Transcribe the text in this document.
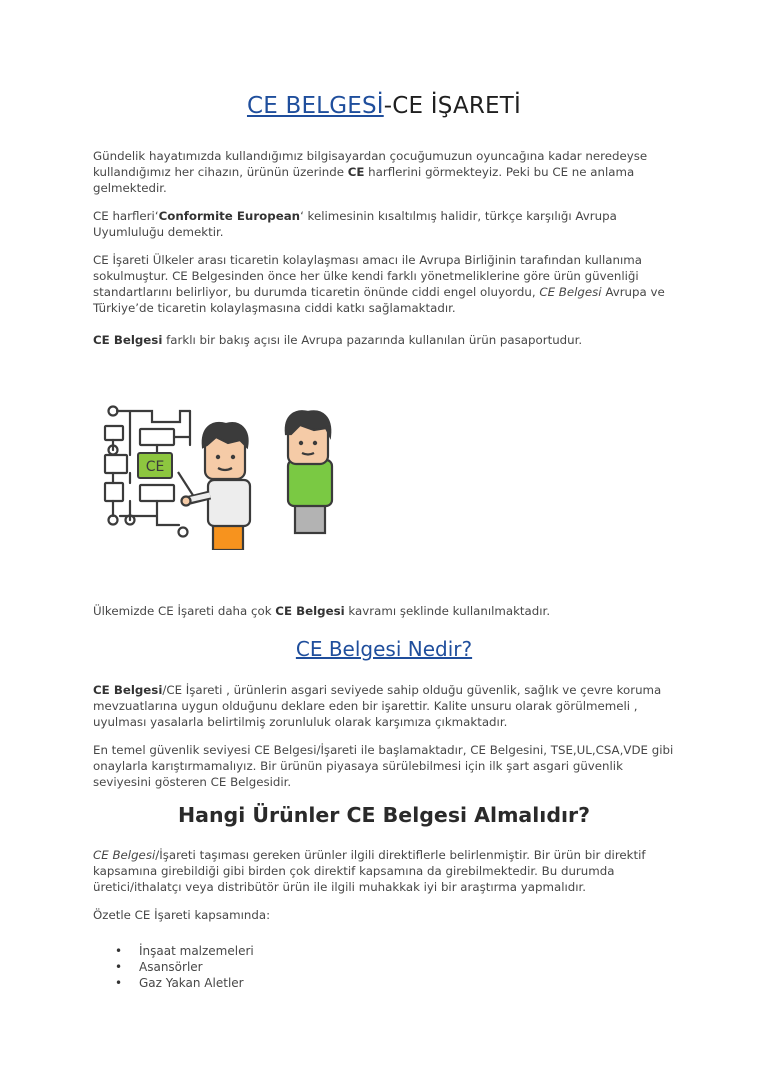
CE BELGESİ-CE İŞARETİ

Gündelik hayatımızda kullandığımız bilgisayardan çocuğumuzun oyuncağına kadar neredeyse kullandığımız her cihazın, ürünün üzerinde CE harflerini görmekteyiz. Peki bu CE ne anlama gelmektedir.

CE harfleri‘Conformite European‘ kelimesinin kısaltılmış halidir, türkçe karşılığı Avrupa Uyumluluğu demektir.

CE İşareti Ülkeler arası ticaretin kolaylaşması amacı ile Avrupa Birliğinin tarafından kullanıma sokulmuştur. CE Belgesinden önce her ülke kendi farklı yönetmeliklerine göre ürün güvenliği standartlarını belirliyor, bu durumda ticaretin önünde ciddi engel oluyordu, CE Belgesi Avrupa ve Türkiye’de ticaretin kolaylaşmasına ciddi katkı sağlamaktadır.

CE Belgesi farklı bir bakış açısı ile Avrupa pazarında kullanılan ürün pasaportudur.

Ülkemizde CE İşareti daha çok CE Belgesi kavramı şeklinde kullanılmaktadır.

CE Belgesi Nedir?

CE Belgesi/CE İşareti , ürünlerin asgari seviyede sahip olduğu güvenlik, sağlık ve çevre koruma mevzuatlarına uygun olduğunu deklare eden bir işarettir. Kalite unsuru olarak görülmemeli , uyulması yasalarla belirtilmiş zorunluluk olarak karşımıza çıkmaktadır.

En temel güvenlik seviyesi CE Belgesi/İşareti ile başlamaktadır, CE Belgesini, TSE,UL,CSA,VDE gibi onaylarla karıştırmamalıyız. Bir ürünün piyasaya sürülebilmesi için ilk şart asgari güvenlik seviyesini gösteren CE Belgesidir.

Hangi Ürünler CE Belgesi Almalıdır?

CE Belgesi/İşareti taşıması gereken ürünler ilgili direktiflerle belirlenmiştir. Bir ürün bir direktif kapsamına girebildiği gibi birden çok direktif kapsamına da girebilmektedir. Bu durumda üretici/ithalatçı veya distribütör ürün ile ilgili muhakkak iyi bir araştırma yapmalıdır.

Özetle CE İşareti kapsamında:

• İnşaat malzemeleri
• Asansörler
• Gaz Yakan Aletler
CE
